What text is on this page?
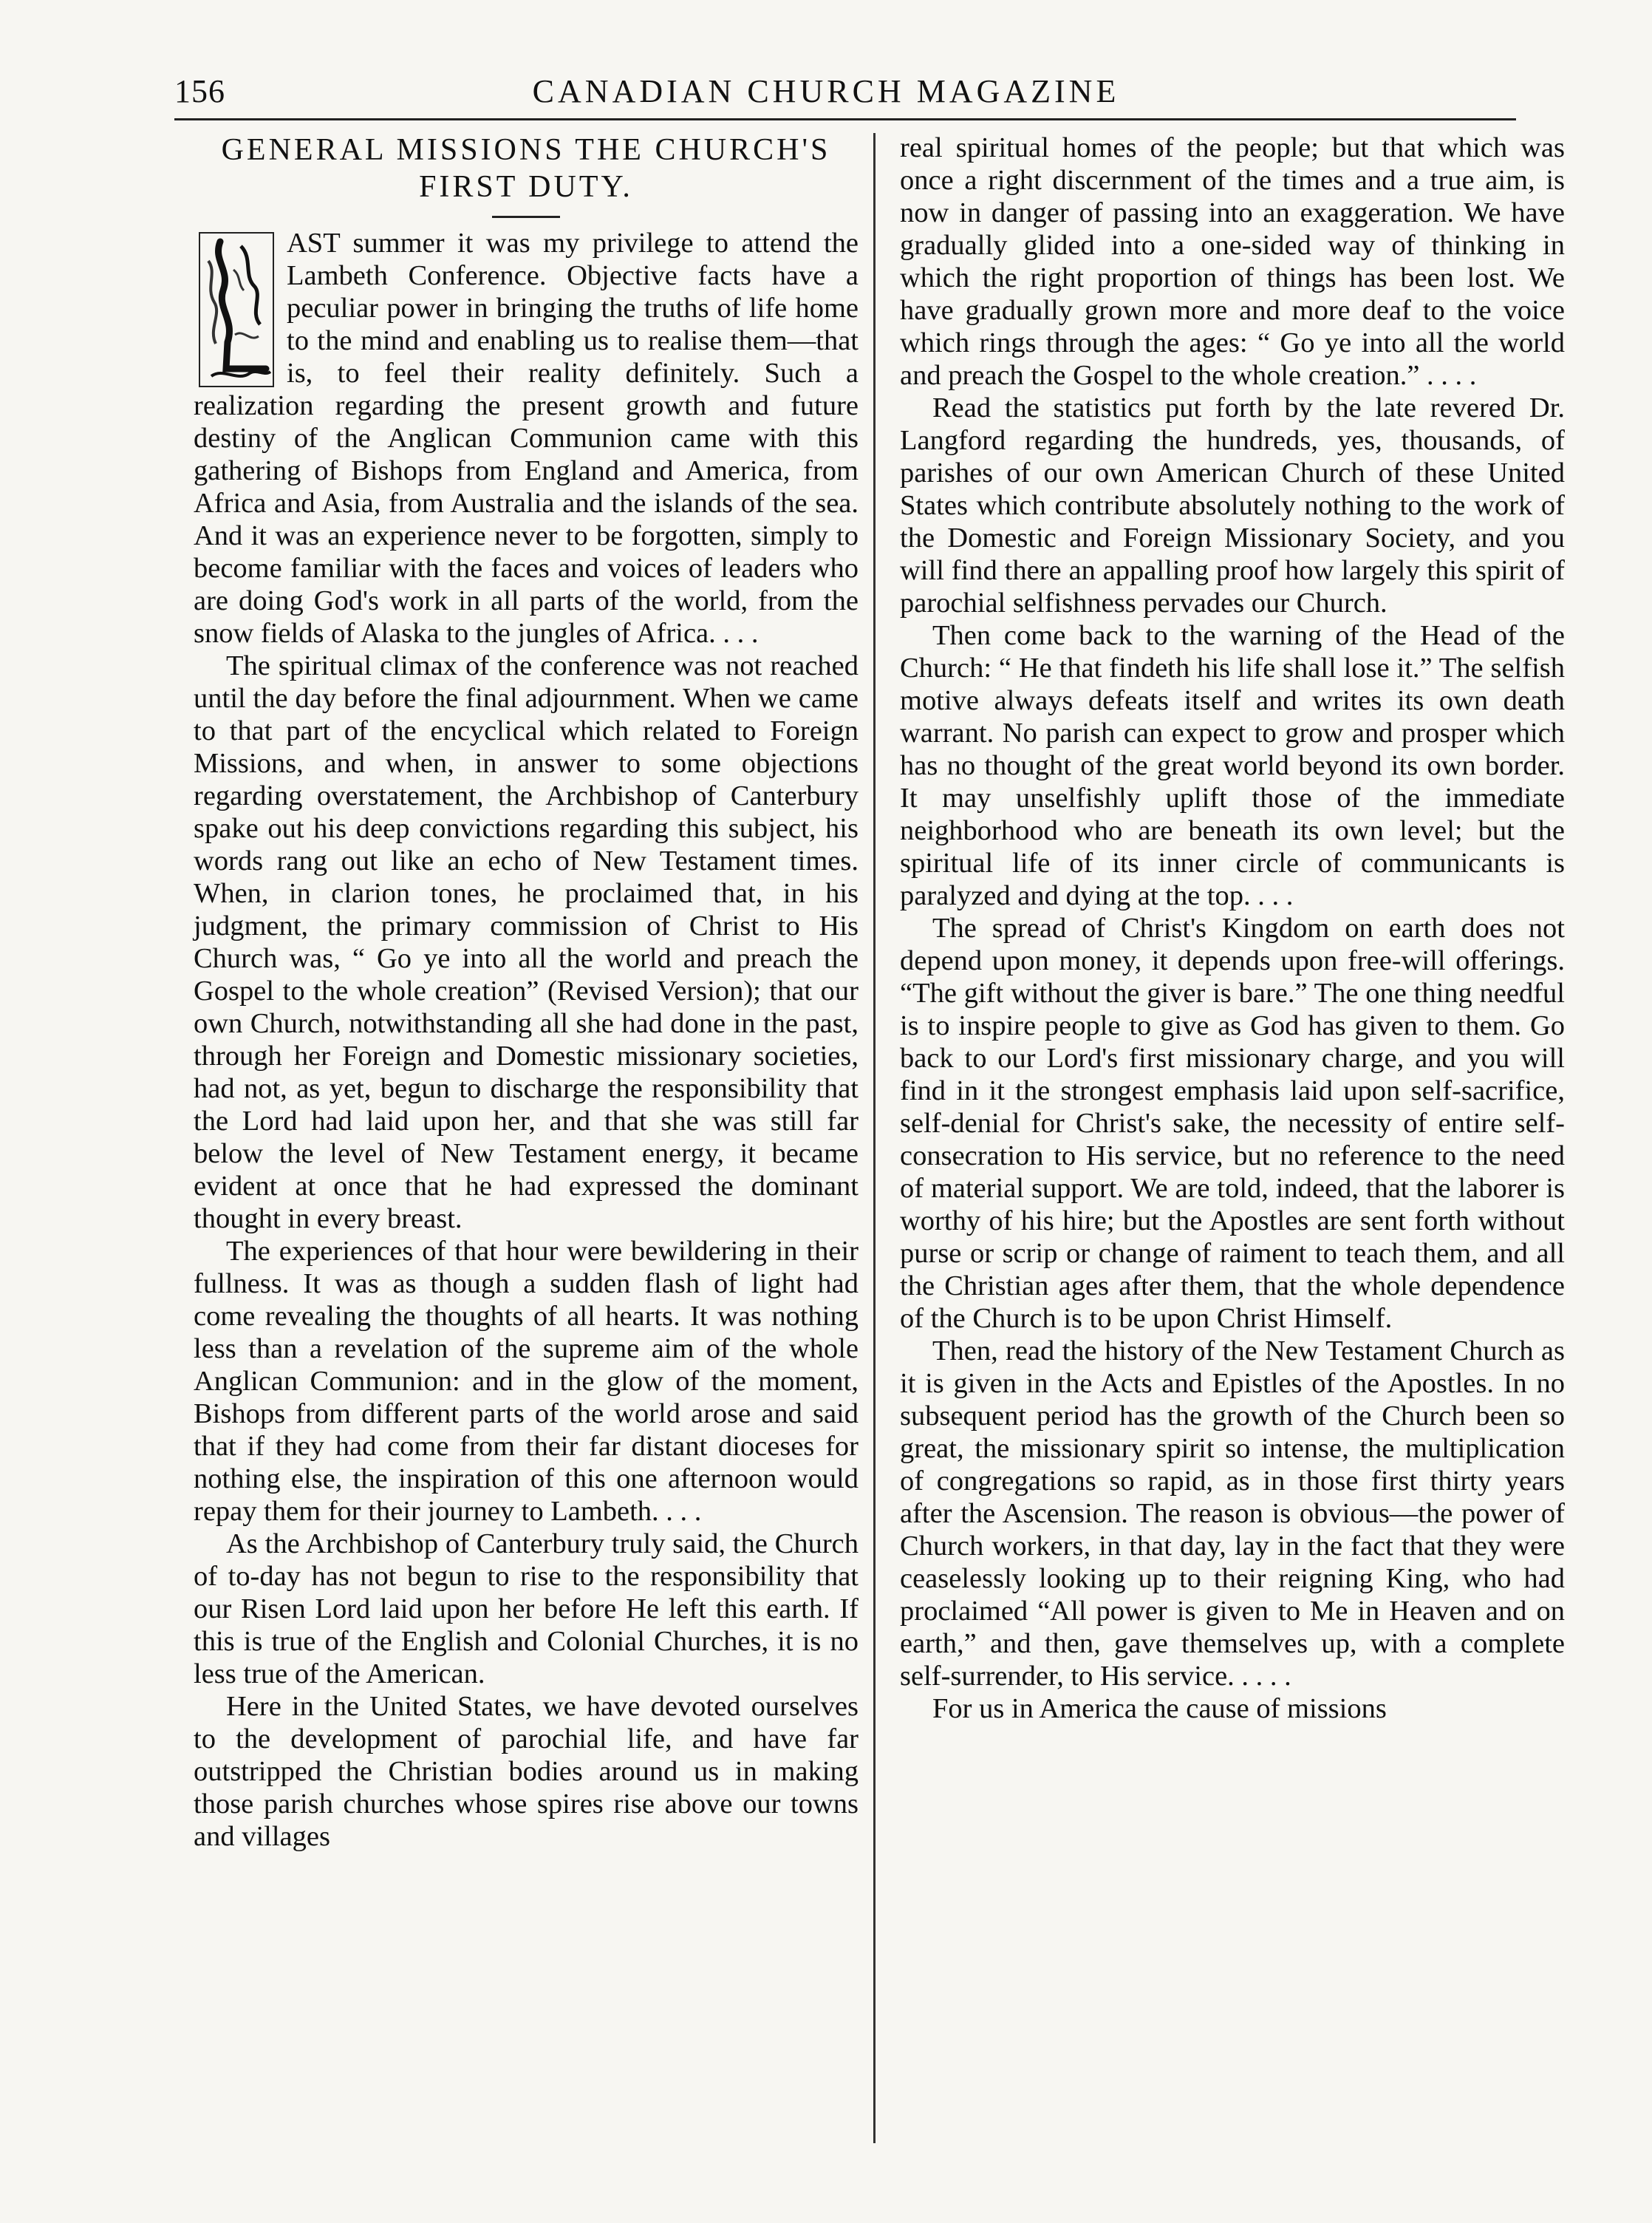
156	CANADIAN CHURCH MAGAZINE
GENERAL MISSIONS THE CHURCH'S
FIRST DUTY.

AST summer it was my privilege to attend the Lambeth Conference. Objective facts have a peculiar power in bringing the truths of life home to the mind and enabling us to realise them—that is, to feel their reality definitely. Such a realization regarding the present growth and future destiny of the Anglican Communion came with this gathering of Bishops from England and America, from Africa and Asia, from Australia and the islands of the sea. And it was an experience never to be forgotten, simply to become familiar with the faces and voices of leaders who are doing God's work in all parts of the world, from the snow fields of Alaska to the jungles of Africa. . . .

The spiritual climax of the conference was not reached until the day before the final adjournment. When we came to that part of the encyclical which related to Foreign Missions, and when, in answer to some objections regarding overstatement, the Archbishop of Canterbury spake out his deep convictions regarding this subject, his words rang out like an echo of New Testament times. When, in clarion tones, he proclaimed that, in his judgment, the primary commission of Christ to His Church was, “ Go ye into all the world and preach the Gospel to the whole creation” (Revised Version); that our own Church, notwithstanding all she had done in the past, through her Foreign and Domestic missionary societies, had not, as yet, begun to discharge the responsibility that the Lord had laid upon her, and that she was still far below the level of New Testament energy, it became evident at once that he had expressed the dominant thought in every breast.

The experiences of that hour were bewildering in their fullness. It was as though a sudden flash of light had come revealing the thoughts of all hearts. It was nothing less than a revelation of the supreme aim of the whole Anglican Communion: and in the glow of the moment, Bishops from different parts of the world arose and said that if they had come from their far distant dioceses for nothing else, the inspiration of this one afternoon would repay them for their journey to Lambeth. . . .

As the Archbishop of Canterbury truly said, the Church of to-day has not begun to rise to the responsibility that our Risen Lord laid upon her before He left this earth. If this is true of the English and Colonial Churches, it is no less true of the American.

Here in the United States, we have devoted ourselves to the development of parochial life, and have far outstripped the Christian bodies around us in making those parish churches whose spires rise above our towns and villages

real spiritual homes of the people; but that which was once a right discernment of the times and a true aim, is now in danger of passing into an exaggeration. We have gradually glided into a one-sided way of thinking in which the right proportion of things has been lost. We have gradually grown more and more deaf to the voice which rings through the ages: “ Go ye into all the world and preach the Gospel to the whole creation.” . . . .

Read the statistics put forth by the late revered Dr. Langford regarding the hundreds, yes, thousands, of parishes of our own American Church of these United States which contribute absolutely nothing to the work of the Domestic and Foreign Missionary Society, and you will find there an appalling proof how largely this spirit of parochial selfishness pervades our Church.

Then come back to the warning of the Head of the Church: “ He that findeth his life shall lose it.” The selfish motive always defeats itself and writes its own death warrant. No parish can expect to grow and prosper which has no thought of the great world beyond its own border. It may unselfishly uplift those of the immediate neighborhood who are beneath its own level; but the spiritual life of its inner circle of communicants is paralyzed and dying at the top. . . .

The spread of Christ's Kingdom on earth does not depend upon money, it depends upon free-will offerings. “The gift without the giver is bare.” The one thing needful is to inspire people to give as God has given to them. Go back to our Lord's first missionary charge, and you will find in it the strongest emphasis laid upon self-sacrifice, self-denial for Christ's sake, the necessity of entire self-consecration to His service, but no reference to the need of material support. We are told, indeed, that the laborer is worthy of his hire; but the Apostles are sent forth without purse or scrip or change of raiment to teach them, and all the Christian ages after them, that the whole dependence of the Church is to be upon Christ Himself.

Then, read the history of the New Testament Church as it is given in the Acts and Epistles of the Apostles. In no subsequent period has the growth of the Church been so great, the missionary spirit so intense, the multiplication of congregations so rapid, as in those first thirty years after the Ascension. The reason is obvious—the power of Church workers, in that day, lay in the fact that they were ceaselessly looking up to their reigning King, who had proclaimed “All power is given to Me in Heaven and on earth,” and then, gave themselves up, with a complete self-surrender, to His service. . . . .

For us in America the cause of missions
